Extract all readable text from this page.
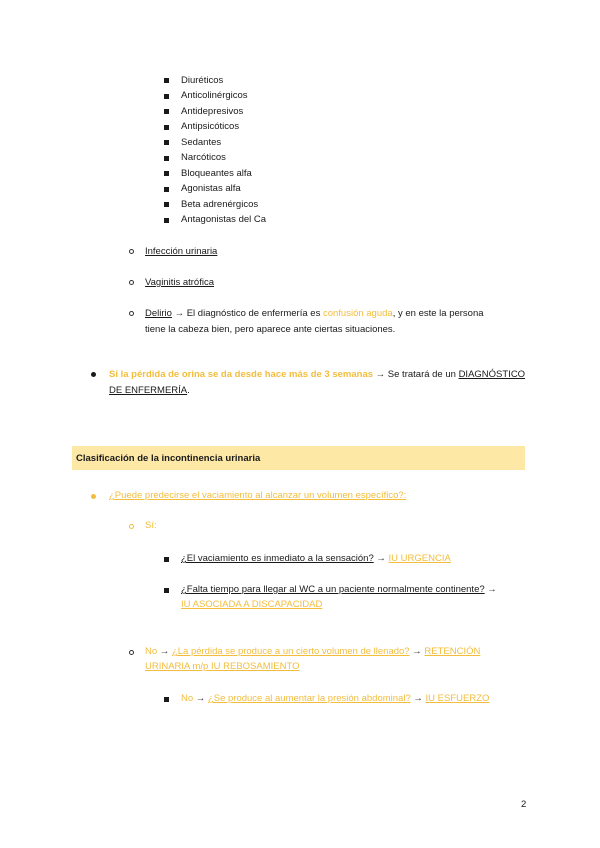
Diuréticos
Anticolinérgicos
Antidepresivos
Antipsicóticos
Sedantes
Narcóticos
Bloqueantes alfa
Agonistas alfa
Beta adrenérgicos
Antagonistas del Ca
Infección urinaria
Vaginitis atrófica
Delirio → El diagnóstico de enfermería es confusión aguda, y en este la persona
tiene la cabeza bien, pero aparece ante ciertas situaciones.
Si la pérdida de orina se da desde hace más de 3 semanas → Se tratará de un DIAGNÓSTICO
DE ENFERMERÍA.
Clasificación de la incontinencia urinaria
¿Puede predecirse el vaciamiento al alcanzar un volumen específico?:
Sí:
¿El vaciamiento es inmediato a la sensación? → IU URGENCIA
¿Falta tiempo para llegar al WC a un paciente normalmente continente? →
IU ASOCIADA A DISCAPACIDAD
No → ¿La pérdida se produce a un cierto volumen de llenado? → RETENCIÓN
URINARIA m/p IU REBOSAMIENTO
No → ¿Se produce al aumentar la presión abdominal? → IU ESFUERZO
2
